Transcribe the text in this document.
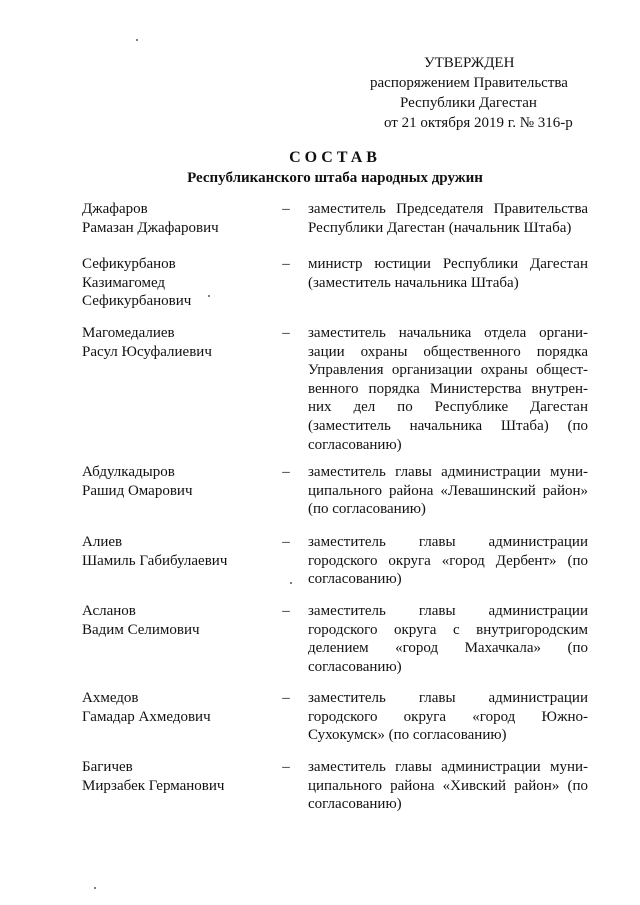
УТВЕРЖДЕН
распоряжением Правительства
Республики Дагестан
от 21 октября 2019 г. № 316-р
СОСТАВ
Республиканского штаба народных дружин
Джафаров
Рамазан Джафарович
– заместитель Председателя Правительства
Республики Дагестан (начальник Штаба)
Сефикурбанов
Казимагомед
Сефикурбанович
– министр юстиции Республики Дагестан
(заместитель начальника Штаба)
Магомедалиев
Расул Юсуфалиевич
– заместитель начальника отдела органи-
зации охраны общественного порядка
Управления организации охраны общест-
венного порядка Министерства внутрен-
них дел по Республике Дагестан
(заместитель начальника Штаба) (по
согласованию)
Абдулкадыров
Рашид Омарович
– заместитель главы администрации муни-
ципального района «Левашинский район»
(по согласованию)
Алиев
Шамиль Габибулаевич
– заместитель главы администрации
городского округа «город Дербент» (по
согласованию)
Асланов
Вадим Селимович
– заместитель главы администрации
городского округа с внутригородским
делением «город Махачкала» (по
согласованию)
Ахмедов
Гамадар Ахмедович
– заместитель главы администрации
городского округа «город Южно-
Сухокумск» (по согласованию)
Багичев
Мирзабек Германович
– заместитель главы администрации муни-
ципального района «Хивский район» (по
согласованию)
